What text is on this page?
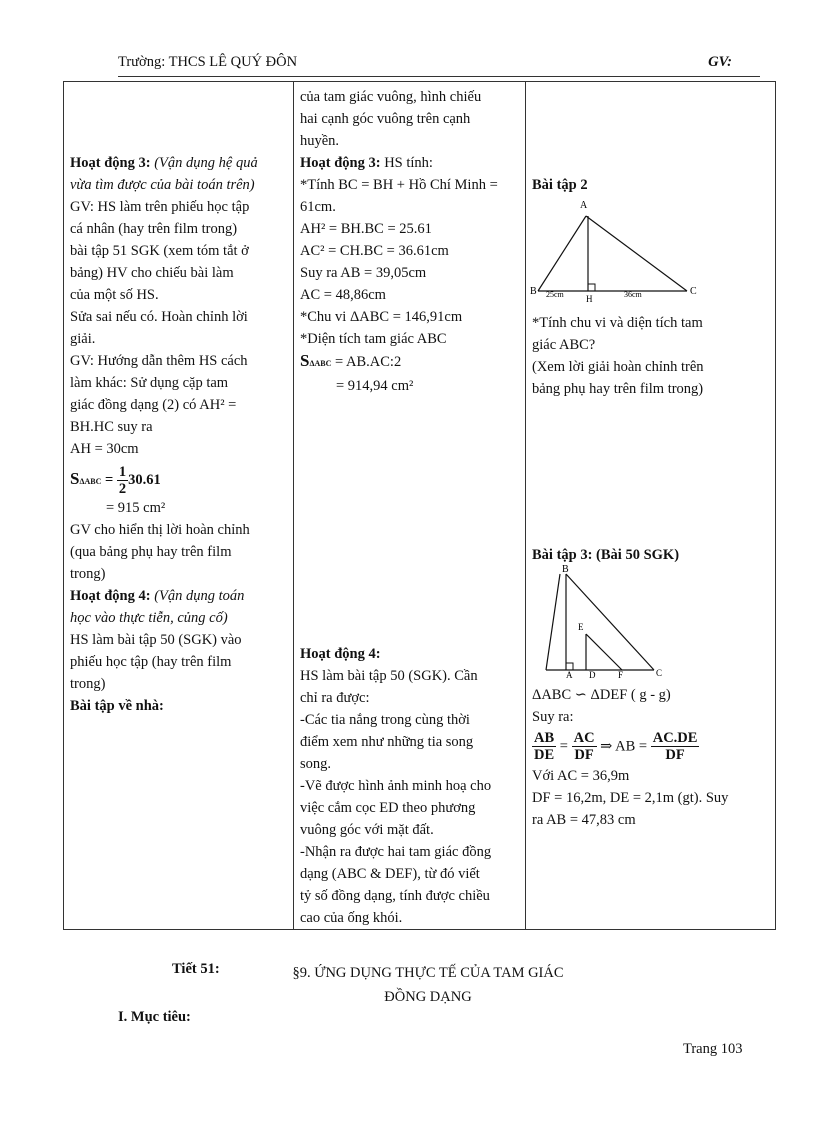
Trường: THCS LÊ QUÝ ĐÔN	GV:
Hoạt động 3: (Vận dụng hệ quả
vừa tìm được của bài toán trên)
GV: HS làm trên phiếu học tập
cá nhân (hay trên film trong)
bài tập 51 SGK (xem tóm tắt ở
bảng) HV cho chiếu bài làm
của một số HS.
Sửa sai nếu có. Hoàn chỉnh lời
giải.
GV: Hướng dẫn thêm HS cách
làm khác: Sử dụng cặp tam
giác đồng dạng (2) có AH² =
BH.HC suy ra
AH = 30cm
$S\Delta ABC = \frac{1}{2} 30.61$
= 915 cm²
GV cho hiển thị lời hoàn chỉnh
(qua bảng phụ hay trên film
trong)
Hoạt động 4: (Vận dụng toán
học vào thực tiễn, củng cố)
HS làm bài tập 50 (SGK) vào
phiếu học tập (hay trên film
trong)
Bài tập về nhà:

của tam giác vuông, hình chiếu
hai cạnh góc vuông trên cạnh
huyền.
Hoạt động 3: HS tính:
*Tính BC = BH + Hồ Chí Minh =
61cm.
AH² = BH.BC = 25.61
AC² = CH.BC = 36.61cm
Suy ra AB = 39,05cm
AC = 48,86cm
*Chu vi ΔABC = 146,91cm
*Diện tích tam giác ABC
SΔABC = AB.AC:2
= 914,94 cm²
Hoạt động 4:
HS làm bài tập 50 (SGK). Cần
chỉ ra được:
-Các tia nắng trong cùng thời
điểm xem như những tia song
song.
-Vẽ được hình ảnh minh hoạ cho
việc cắm cọc ED theo phương
vuông góc với mặt đất.
-Nhận ra được hai tam giác đồng
dạng (ABC & DEF), từ đó viết
tỷ số đồng dạng, tính được chiều
cao của ống khói.

Bài tập 2
A
B	C
H
25cm	36cm
*Tính chu vi và diện tích tam
giác ABC?
(Xem lời giải hoàn chỉnh trên
bảng phụ hay trên film trong)
Bài tập 3: (Bài 50 SGK)
B
E
A D	F	C
ΔABC ∽ ΔDEF ( g - g)
Suy ra:
$\frac{AB}{DE} = \frac{AC}{DF}$ ⇒ AB = $\frac{AC.DE}{DF}$
Với AC = 36,9m
DF = 16,2m, DE = 2,1m (gt). Suy
ra AB = 47,83 cm
Tiết 51:	§9. ỨNG DỤNG THỰC TẾ CỦA TAM GIÁC
ĐỒNG DẠNG
I. Mục tiêu:
Trang 103
